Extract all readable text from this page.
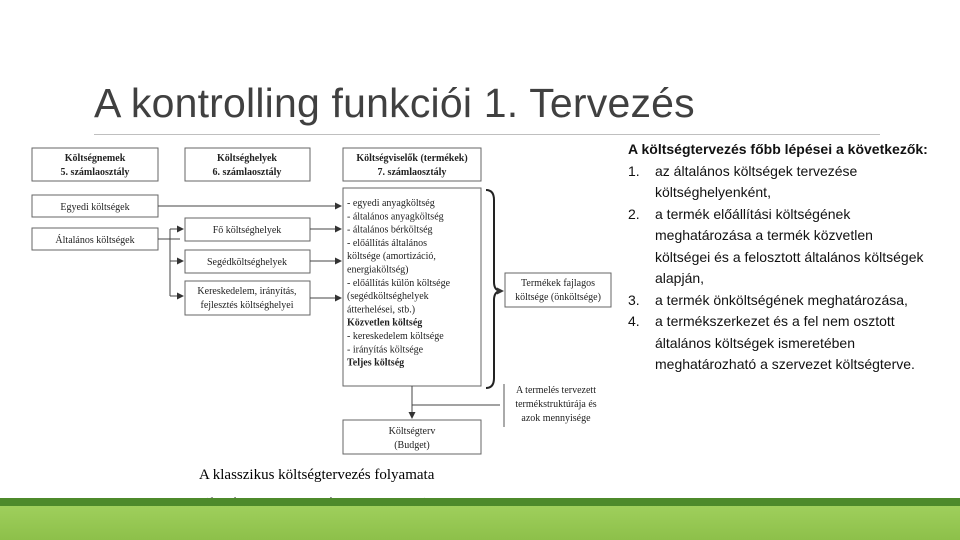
A kontrolling funkciói 1. Tervezés
Költségnemek
5. számlaosztály
Költséghelyek
6. számlaosztály
Költségviselők (termékek)
7. számlaosztály
Egyedi költségek
Általános költségek
Fő költséghelyek
Segédköltséghelyek
Kereskedelem, irányítás,
fejlesztés költséghelyei
- egyedi anyagköltség
- általános anyagköltség
- általános bérköltség
- előállítás általános
költsége (amortizáció,
energiaköltség)
- előállítás külön költsége
(segédköltséghelyek
átterhelései, stb.)
Közvetlen költség
- kereskedelem költsége
- irányítás költsége
Teljes költség
Termékek fajlagos
költsége (önköltsége)
A termelés tervezett
termékstruktúrája és
azok mennyisége
Költségterv
(Budget)
A klasszikus költségtervezés folyamata
A költségtervezés főbb lépései a következők:
1. az általános költségek tervezése költséghelyenként,
2. a termék előállítási költségének meghatározása a termék közvetlen költségei és a felosztott általános költségek alapján,
3. a termék önköltségének meghatározása,
4. a termékszerkezet és a fel nem osztott általános költségek ismeretében meghatározható a szervezet költségterve.
